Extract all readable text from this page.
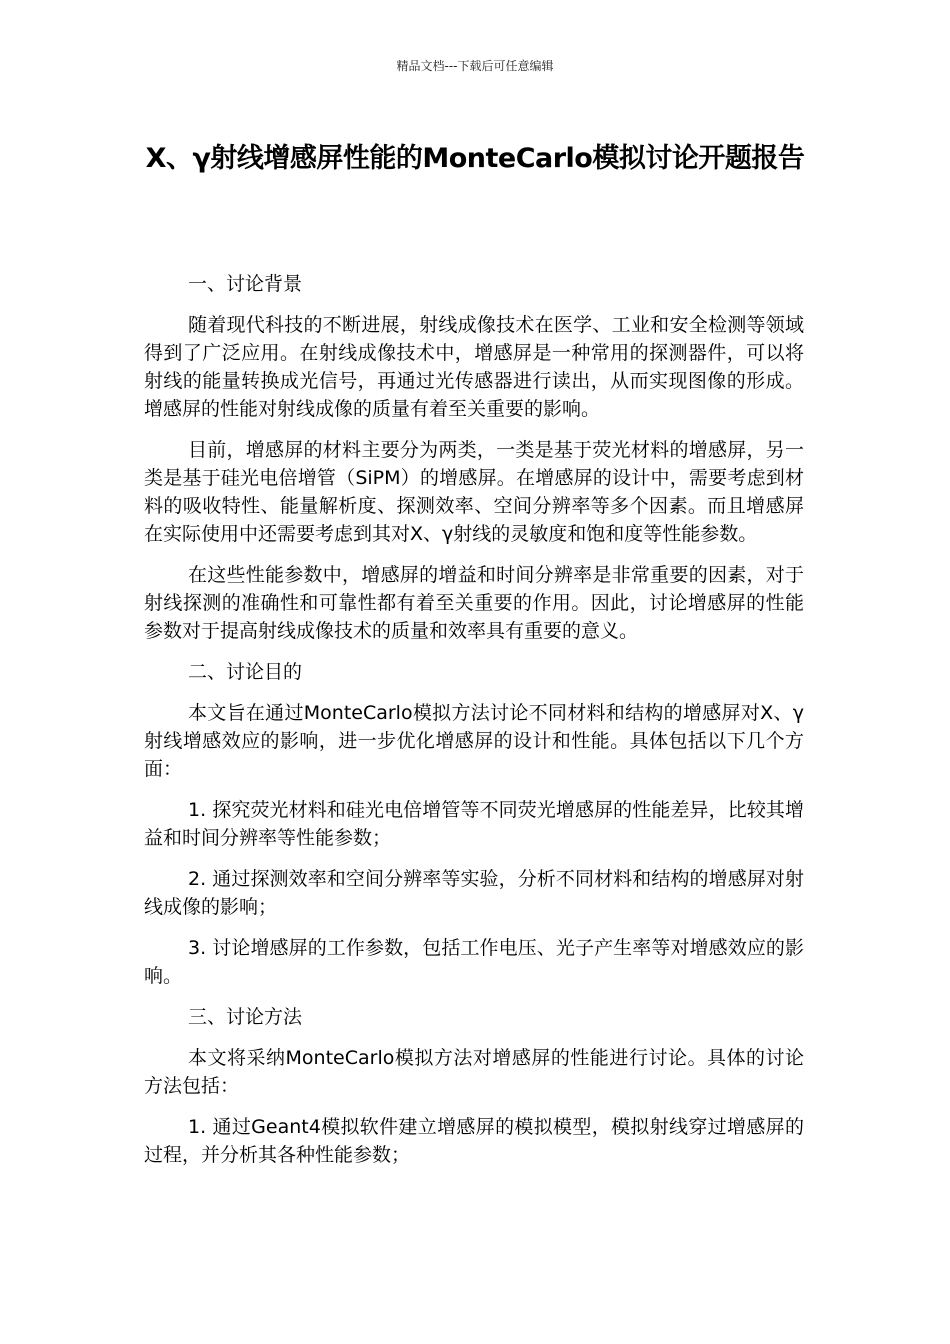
精品文档---下载后可任意编辑
X、γ射线增感屏性能的MonteCarlo模拟讨论开题报告

一、讨论背景

随着现代科技的不断进展，射线成像技术在医学、工业和安全检测等领域得到了广泛应用。在射线成像技术中，增感屏是一种常用的探测器件，可以将射线的能量转换成光信号，再通过光传感器进行读出，从而实现图像的形成。增感屏的性能对射线成像的质量有着至关重要的影响。

目前，增感屏的材料主要分为两类，一类是基于荧光材料的增感屏，另一类是基于硅光电倍增管（SiPM）的增感屏。在增感屏的设计中，需要考虑到材料的吸收特性、能量解析度、探测效率、空间分辨率等多个因素。而且增感屏在实际使用中还需要考虑到其对X、γ射线的灵敏度和饱和度等性能参数。

在这些性能参数中，增感屏的增益和时间分辨率是非常重要的因素，对于射线探测的准确性和可靠性都有着至关重要的作用。因此，讨论增感屏的性能参数对于提高射线成像技术的质量和效率具有重要的意义。

二、讨论目的

本文旨在通过MonteCarlo模拟方法讨论不同材料和结构的增感屏对X、γ射线增感效应的影响，进一步优化增感屏的设计和性能。具体包括以下几个方面：

1. 探究荧光材料和硅光电倍增管等不同荧光增感屏的性能差异，比较其增益和时间分辨率等性能参数；

2. 通过探测效率和空间分辨率等实验，分析不同材料和结构的增感屏对射线成像的影响；

3. 讨论增感屏的工作参数，包括工作电压、光子产生率等对增感效应的影响。

三、讨论方法

本文将采纳MonteCarlo模拟方法对增感屏的性能进行讨论。具体的讨论方法包括：

1. 通过Geant4模拟软件建立增感屏的模拟模型，模拟射线穿过增感屏的过程，并分析其各种性能参数；
